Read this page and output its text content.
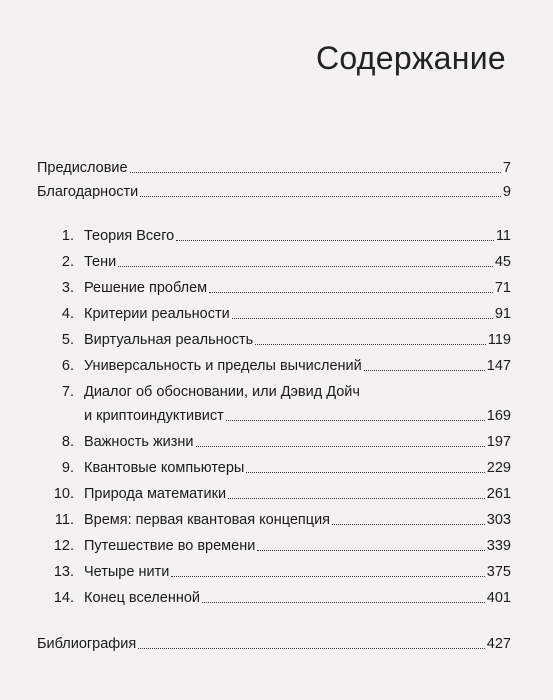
Содержание
Предисловие	7
Благодарности	9
1. Теория Всего	11
2. Тени	45
3. Решение проблем	71
4. Критерии реальности	91
5. Виртуальная реальность	119
6. Универсальность и пределы вычислений	147
7. Диалог об обосновании, или Дэвид Дойч
и криптоиндуктивист	169
8. Важность жизни	197
9. Квантовые компьютеры	229
10. Природа математики	261
11. Время: первая квантовая концепция	303
12. Путешествие во времени	339
13. Четыре нити	375
14. Конец вселенной	401
Библиография	427
